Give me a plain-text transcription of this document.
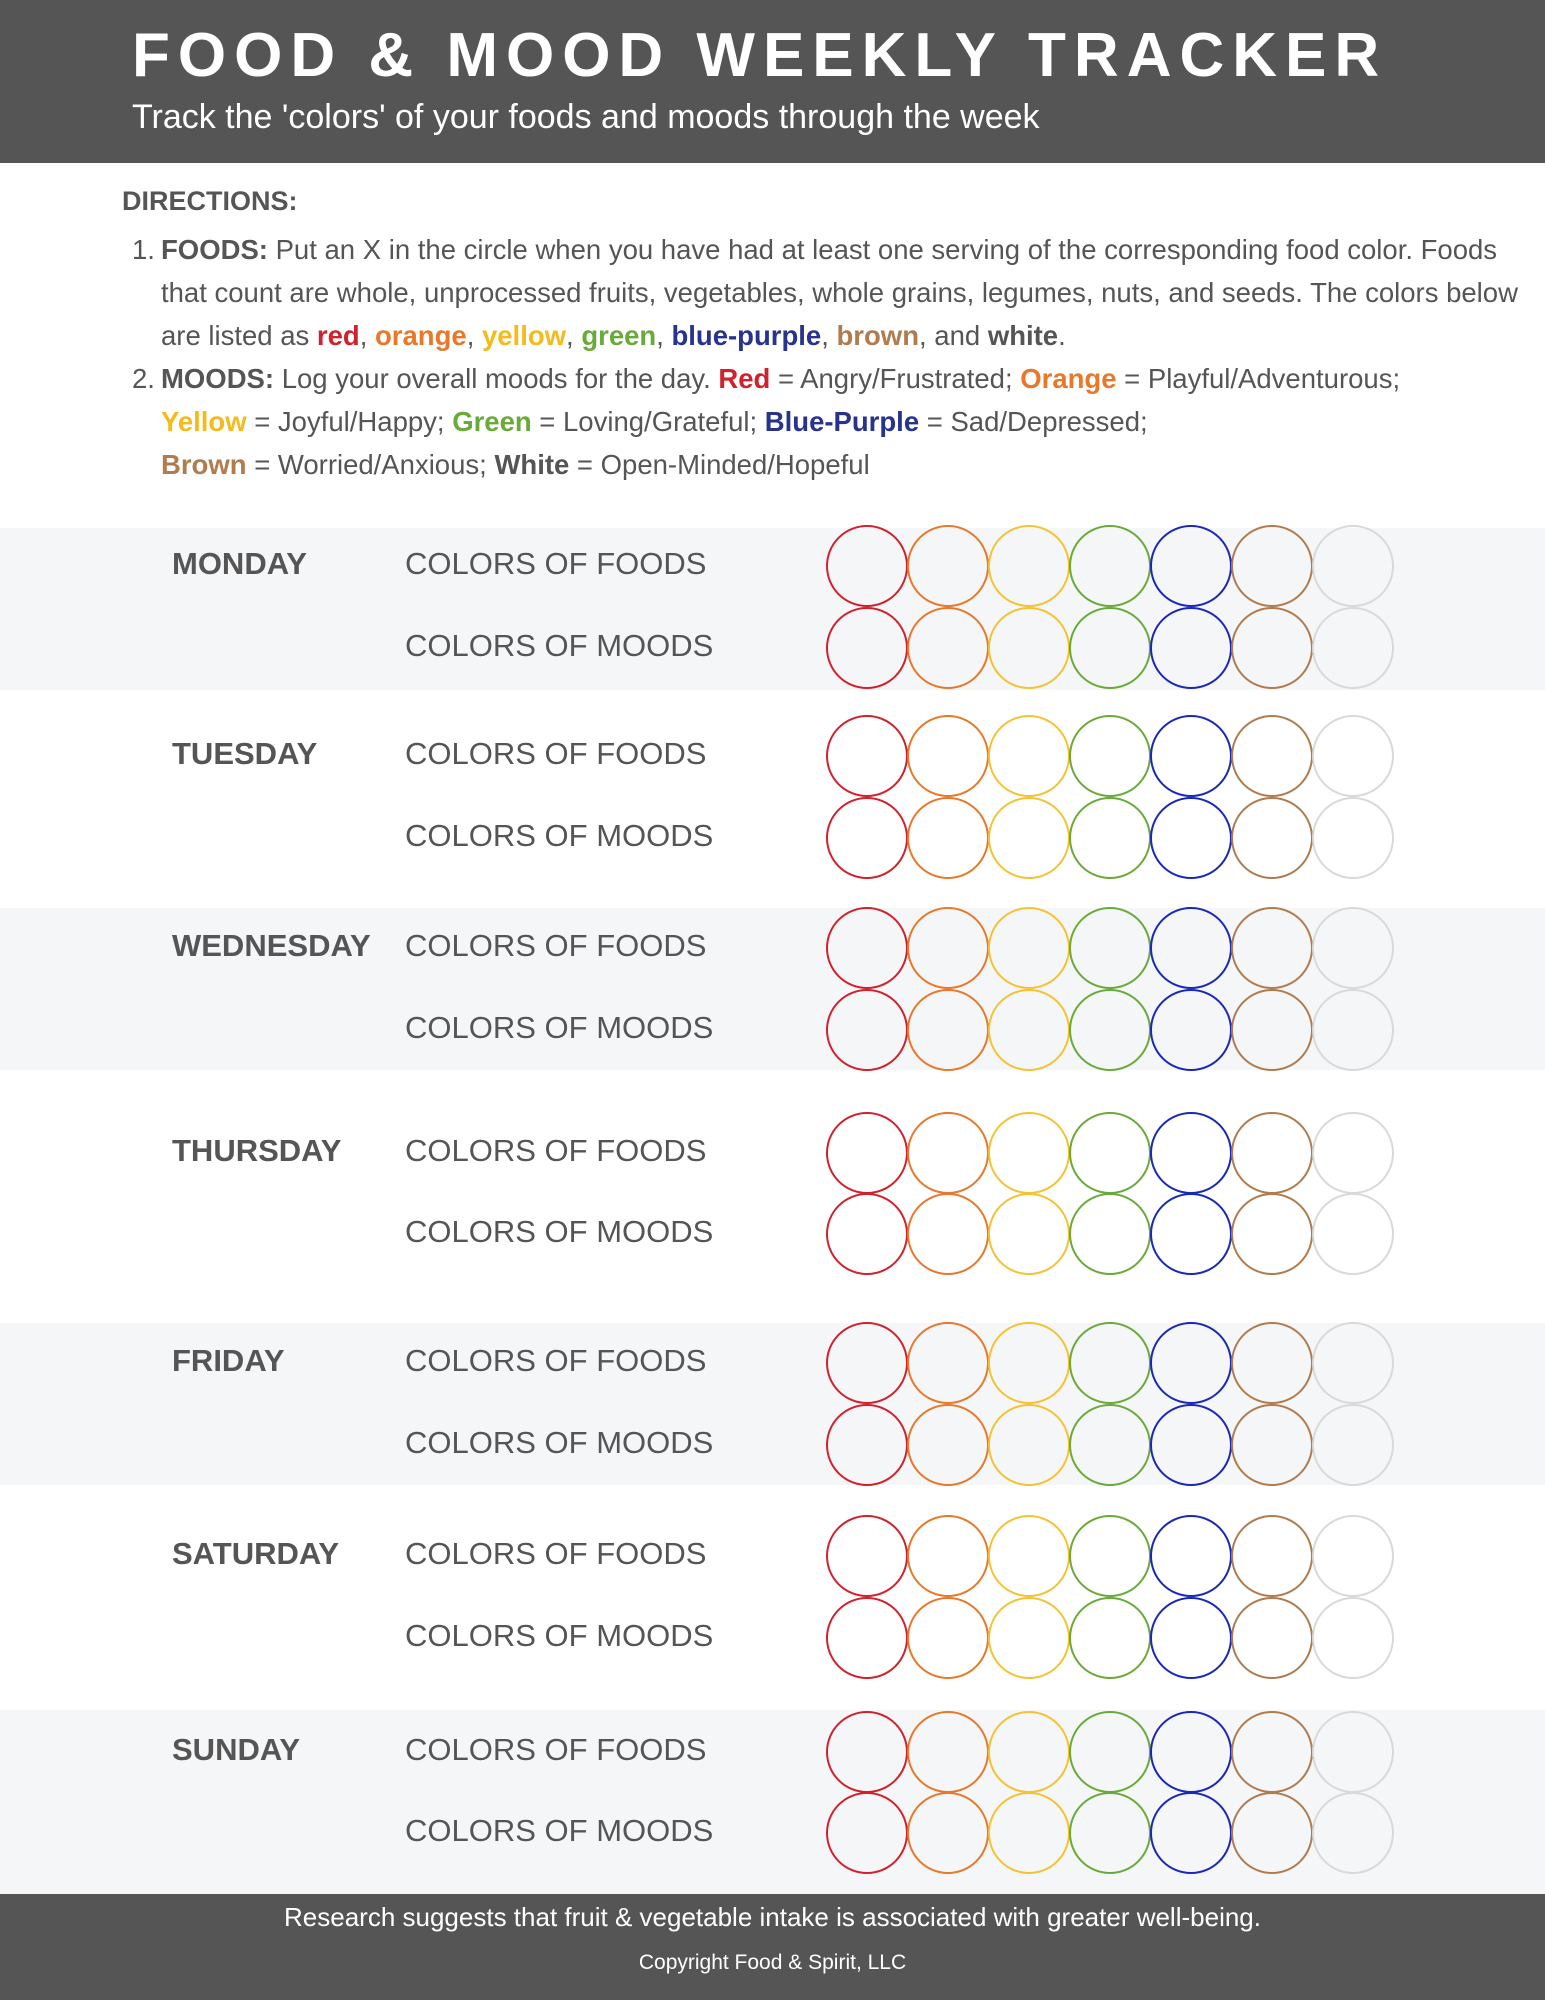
FOOD & MOOD WEEKLY TRACKER
Track the 'colors' of your foods and moods through the week
DIRECTIONS:
1. FOODS: Put an X in the circle when you have had at least one serving of the corresponding food color. Foods that count are whole, unprocessed fruits, vegetables, whole grains, legumes, nuts, and seeds. The colors below are listed as red, orange, yellow, green, blue-purple, brown, and white.
2. MOODS: Log your overall moods for the day. Red = Angry/Frustrated; Orange = Playful/Adventurous;
Yellow = Joyful/Happy; Green = Loving/Grateful; Blue-Purple = Sad/Depressed;
Brown = Worried/Anxious; White = Open-Minded/Hopeful
MONDAY	COLORS OF FOODS
COLORS OF MOODS
TUESDAY	COLORS OF FOODS
COLORS OF MOODS
WEDNESDAY COLORS OF FOODS
COLORS OF MOODS
THURSDAY COLORS OF FOODS
COLORS OF MOODS
FRIDAY	COLORS OF FOODS
COLORS OF MOODS
SATURDAY COLORS OF FOODS
COLORS OF MOODS
SUNDAY	COLORS OF FOODS
COLORS OF MOODS
Research suggests that fruit & vegetable intake is associated with greater well-being.
Copyright Food & Spirit, LLC
